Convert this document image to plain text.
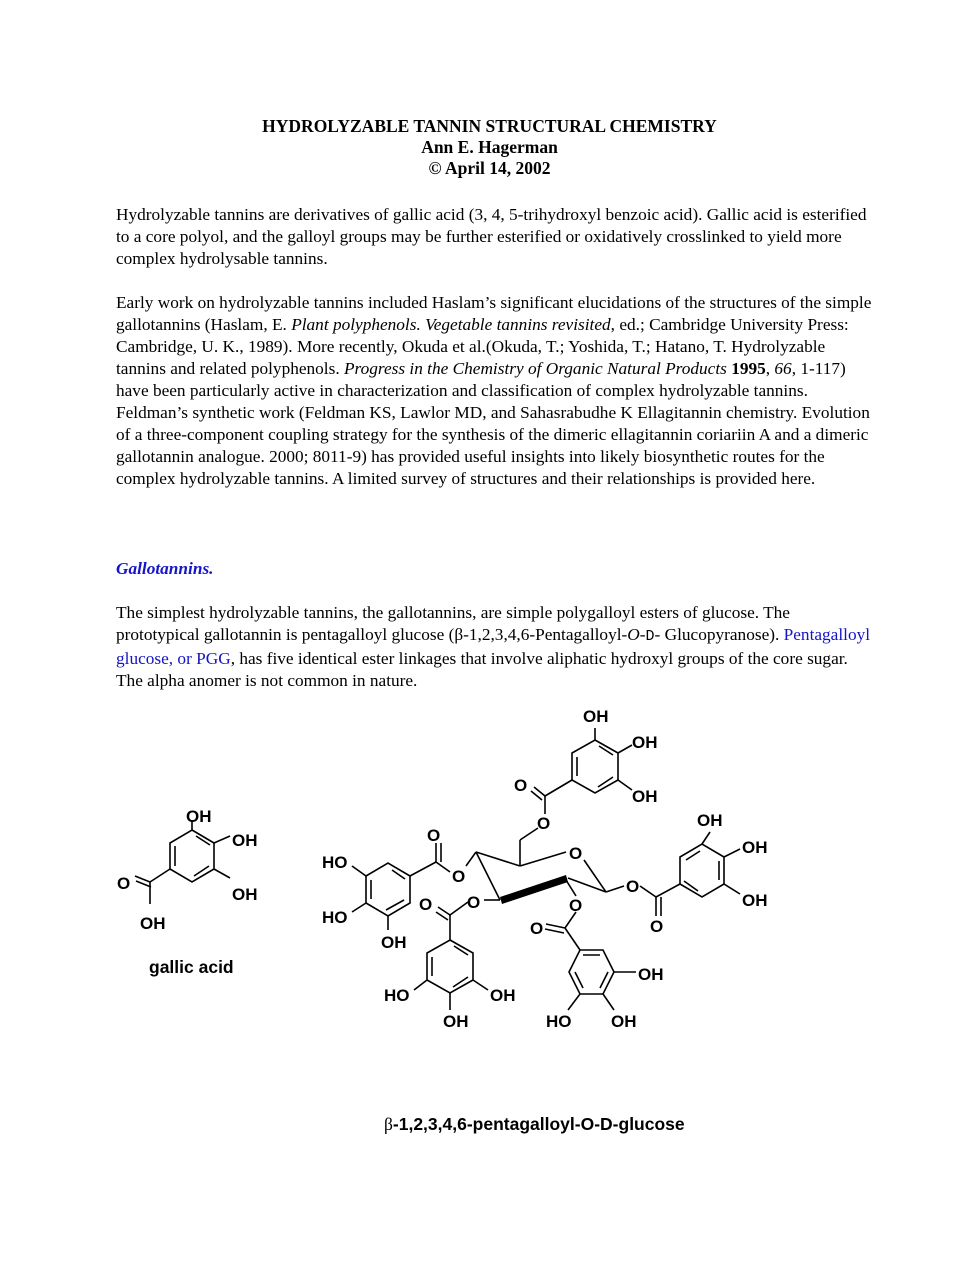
HYDROLYZABLE TANNIN STRUCTURAL CHEMISTRY
Ann E. Hagerman
© April 14, 2002

Hydrolyzable tannins are derivatives of gallic acid (3, 4, 5-trihydroxyl benzoic acid). Gallic acid is esterified to a core polyol, and the galloyl groups may be further esterified or oxidatively crosslinked to yield more complex hydrolysable tannins.

Early work on hydrolyzable tannins included Haslam’s significant elucidations of the structures of the simple gallotannins (Haslam, E. Plant polyphenols. Vegetable tannins revisited, ed.; Cambridge University Press: Cambridge, U. K., 1989). More recently, Okuda et al.(Okuda, T.; Yoshida, T.; Hatano, T. Hydrolyzable tannins and related polyphenols. Progress in the Chemistry of Organic Natural Products 1995, 66, 1-117) have been particularly active in characterization and classification of complex hydrolyzable tannins. Feldman’s synthetic work (Feldman KS, Lawlor MD, and Sahasrabudhe K Ellagitannin chemistry. Evolution of a three-component coupling strategy for the synthesis of the dimeric ellagitannin coriariin A and a dimeric gallotannin analogue. 2000; 8011-9) has provided useful insights into likely biosynthetic routes for the complex hydrolyzable tannins. A limited survey of structures and their relationships is provided here.

Gallotannins.

The simplest hydrolyzable tannins, the gallotannins, are simple polygalloyl esters of glucose. The prototypical gallotannin is pentagalloyl glucose (β-1,2,3,4,6-Pentagalloyl-O-D- Glucopyranose). Pentagalloyl glucose, or PGG, has five identical ester linkages that involve aliphatic hydroxyl groups of the core sugar. The alpha anomer is not common in nature.

OH
OH
OH
O
OH
OH
OH
OH
O
O
O
O
O
HO
HO
OH
O O
HO	OH
OH
O
O
OH
HO OH
O
O
OH
OH
OH
gallic acid
β-1,2,3,4,6-pentagalloyl-O-D-glucose
